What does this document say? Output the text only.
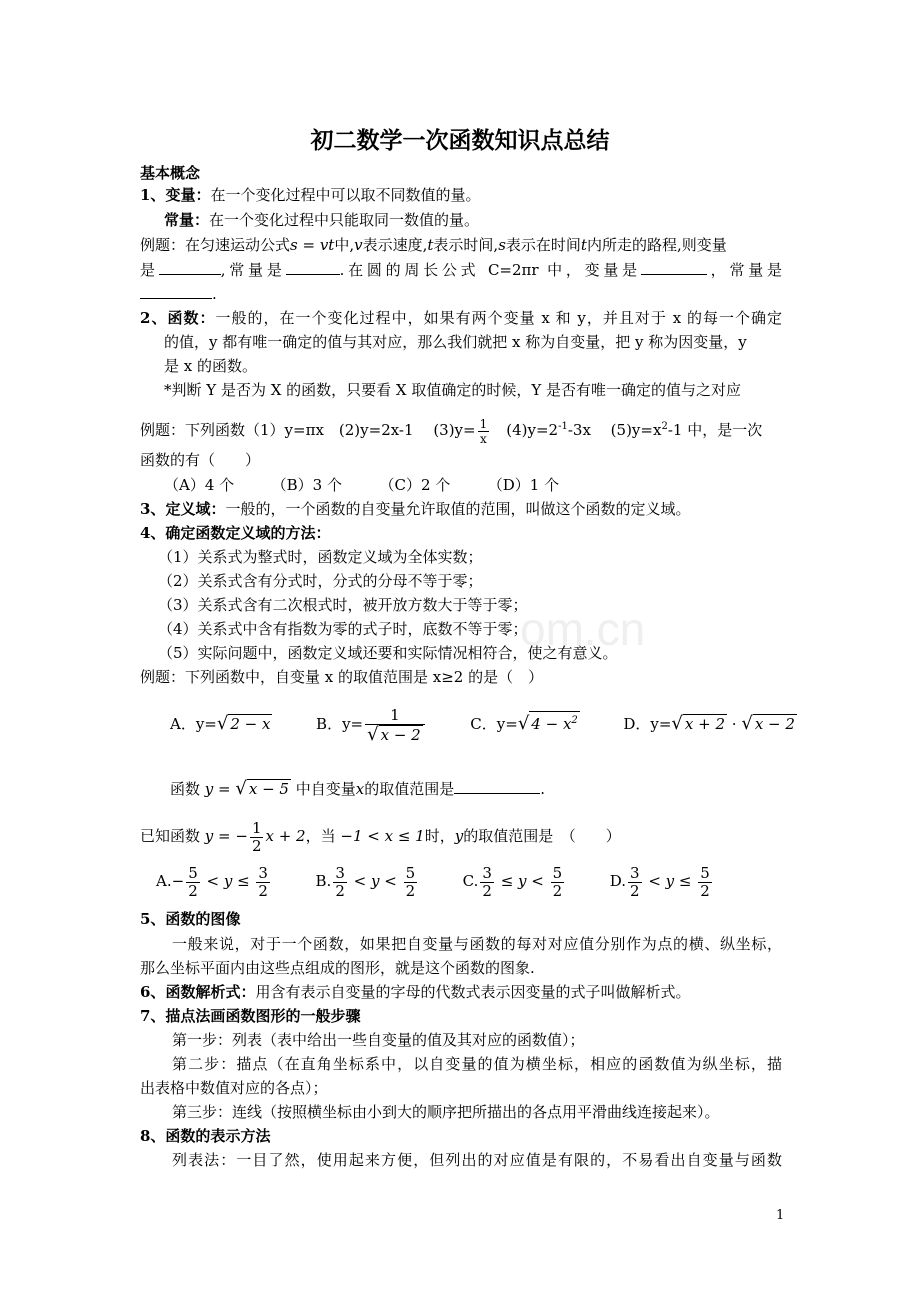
om.cn
初二数学一次函数知识点总结
基本概念
1、变量：在一个变化过程中可以取不同数值的量。
常量：在一个变化过程中只能取同一数值的量。
例题：在匀速运动公式s = vt中,v表示速度,t表示时间,s表示在时间t内所走的路程,则变量
是	,常量是	.在圆的周长公式 C=2πr 中，变量是	，常量是
.
2、函数：一般的，在一个变化过程中，如果有两个变量 x 和 y，并且对于 x 的每一个确定
的值，y 都有唯一确定的值与其对应，那么我们就把 x 称为自变量，把 y 称为因变量，y
是 x 的函数。
*判断 Y 是否为 X 的函数，只要看 X 取值确定的时候，Y 是否有唯一确定的值与之对应
例题：下列函数（1）y=πx　(2)y=2x-1　 $(3)y= \frac{1}{x}$ 　$(4)y=2^{-1}-3x$　 $(5)y=x^2-1$ 中，是一次
函数的有（　　）
（A）4 个　　　（B）3 个　　　（C）2 个　　　（D）1 个
3、定义域：一般的，一个函数的自变量允许取值的范围，叫做这个函数的定义域。
4、确定函数定义域的方法：
（1）关系式为整式时，函数定义域为全体实数；
（2）关系式含有分式时，分式的分母不等于零；
（3）关系式含有二次根式时，被开放方数大于等于零；
（4）关系式中含有指数为零的式子时，底数不等于零；
（5）实际问题中，函数定义域还要和实际情况相符合，使之有意义。
例题：下列函数中，自变量 x 的取值范围是 x≥2 的是（　）
A．y=√ 2 − x	B．$y= \frac{1}{√ x - 2}$	C．y=√ $4 - x^2$	D．y=√ x + 2 · √ x − 2
函数 y = √ x − 5 中自变量x的取值范围是	.
已知函数 y = − $\frac{1}{2}$ x + 2，当 −1 < x ≤ 1时，y的取值范围是　（　　）
$A.- \frac{5}{2} < y \le \frac{3}{2}$	B. $\frac{3}{2} < y < \frac{5}{2}$	C. $\frac{3}{2} \le y < \frac{5}{2}$	D. $\frac{3}{2} < y \le \frac{5}{2}$
5、函数的图像
一般来说，对于一个函数，如果把自变量与函数的每对对应值分别作为点的横、纵坐标，
那么坐标平面内由这些点组成的图形，就是这个函数的图象.
6、函数解析式：用含有表示自变量的字母的代数式表示因变量的式子叫做解析式。
7、描点法画函数图形的一般步骤
第一步：列表（表中给出一些自变量的值及其对应的函数值）；
第二步：描点（在直角坐标系中，以自变量的值为横坐标，相应的函数值为纵坐标，描
出表格中数值对应的各点）；
第三步：连线（按照横坐标由小到大的顺序把所描出的各点用平滑曲线连接起来）。
8、函数的表示方法
列表法：一目了然，使用起来方便，但列出的对应值是有限的，不易看出自变量与函数
1
